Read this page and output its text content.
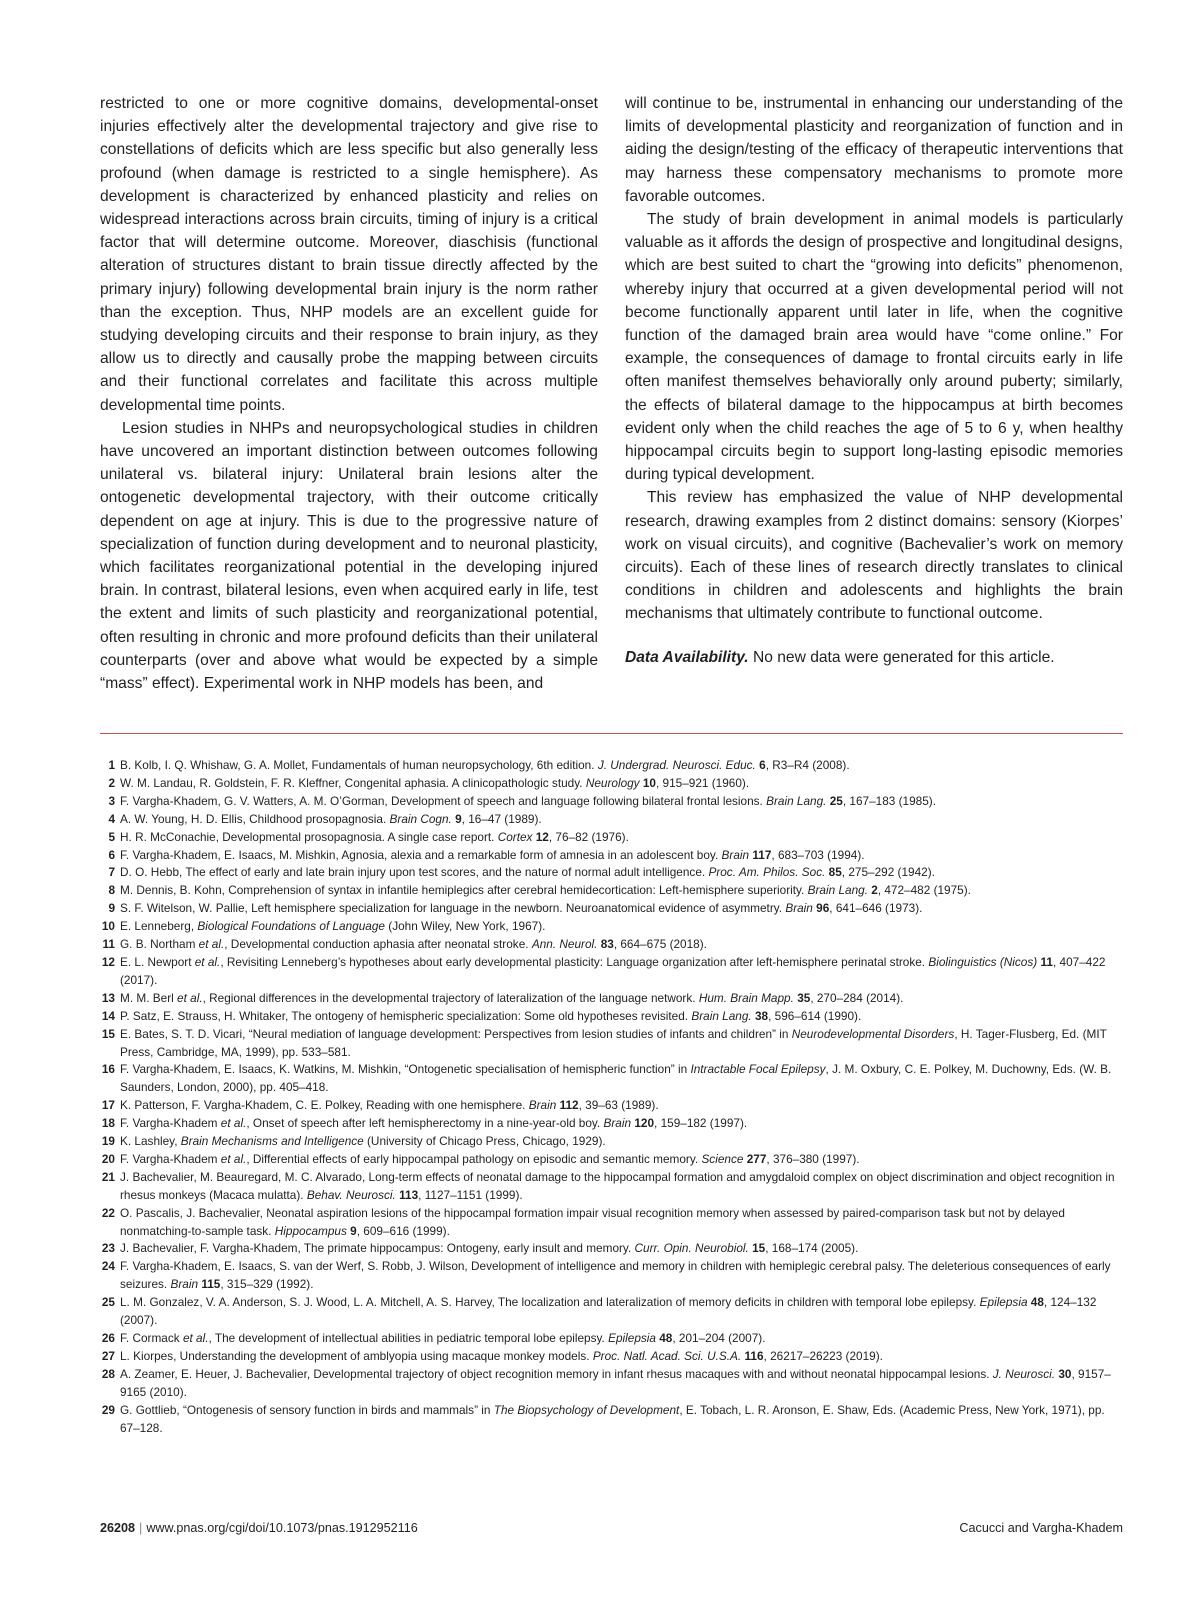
restricted to one or more cognitive domains, developmental-onset injuries effectively alter the developmental trajectory and give rise to constellations of deficits which are less specific but also generally less profound (when damage is restricted to a single hemisphere). As development is characterized by enhanced plasticity and relies on widespread interactions across brain circuits, timing of injury is a critical factor that will determine outcome. Moreover, diaschisis (functional alteration of structures distant to brain tissue directly affected by the primary injury) following developmental brain injury is the norm rather than the exception. Thus, NHP models are an excellent guide for studying developing circuits and their response to brain injury, as they allow us to directly and causally probe the mapping between circuits and their functional correlates and facilitate this across multiple developmental time points.

Lesion studies in NHPs and neuropsychological studies in children have uncovered an important distinction between outcomes following unilateral vs. bilateral injury: Unilateral brain lesions alter the ontogenetic developmental trajectory, with their outcome critically dependent on age at injury. This is due to the progressive nature of specialization of function during development and to neuronal plasticity, which facilitates reorganizational potential in the developing injured brain. In contrast, bilateral lesions, even when acquired early in life, test the extent and limits of such plasticity and reorganizational potential, often resulting in chronic and more profound deficits than their unilateral counterparts (over and above what would be expected by a simple “mass” effect). Experimental work in NHP models has been, and

will continue to be, instrumental in enhancing our understanding of the limits of developmental plasticity and reorganization of function and in aiding the design/testing of the efficacy of therapeutic interventions that may harness these compensatory mechanisms to promote more favorable outcomes.

The study of brain development in animal models is particularly valuable as it affords the design of prospective and longitudinal designs, which are best suited to chart the “growing into deficits” phenomenon, whereby injury that occurred at a given developmental period will not become functionally apparent until later in life, when the cognitive function of the damaged brain area would have “come online.” For example, the consequences of damage to frontal circuits early in life often manifest themselves behaviorally only around puberty; similarly, the effects of bilateral damage to the hippocampus at birth becomes evident only when the child reaches the age of 5 to 6 y, when healthy hippocampal circuits begin to support long-lasting episodic memories during typical development.

This review has emphasized the value of NHP developmental research, drawing examples from 2 distinct domains: sensory (Kiorpes’ work on visual circuits), and cognitive (Bachevalier’s work on memory circuits). Each of these lines of research directly translates to clinical conditions in children and adolescents and highlights the brain mechanisms that ultimately contribute to functional outcome.

Data Availability. No new data were generated for this article.

1 B. Kolb, I. Q. Whishaw, G. A. Mollet, Fundamentals of human neuropsychology, 6th edition. J. Undergrad. Neurosci. Educ. 6, R3–R4 (2008).
2 W. M. Landau, R. Goldstein, F. R. Kleffner, Congenital aphasia. A clinicopathologic study. Neurology 10, 915–921 (1960).
3 F. Vargha-Khadem, G. V. Watters, A. M. O’Gorman, Development of speech and language following bilateral frontal lesions. Brain Lang. 25, 167–183 (1985).
4 A. W. Young, H. D. Ellis, Childhood prosopagnosia. Brain Cogn. 9, 16–47 (1989).
5 H. R. McConachie, Developmental prosopagnosia. A single case report. Cortex 12, 76–82 (1976).
6 F. Vargha-Khadem, E. Isaacs, M. Mishkin, Agnosia, alexia and a remarkable form of amnesia in an adolescent boy. Brain 117, 683–703 (1994).
7 D. O. Hebb, The effect of early and late brain injury upon test scores, and the nature of normal adult intelligence. Proc. Am. Philos. Soc. 85, 275–292 (1942).
8 M. Dennis, B. Kohn, Comprehension of syntax in infantile hemiplegics after cerebral hemidecortication: Left-hemisphere superiority. Brain Lang. 2, 472–482 (1975).
9 S. F. Witelson, W. Pallie, Left hemisphere specialization for language in the newborn. Neuroanatomical evidence of asymmetry. Brain 96, 641–646 (1973).
10 E. Lenneberg, Biological Foundations of Language (John Wiley, New York, 1967).
11 G. B. Northam et al., Developmental conduction aphasia after neonatal stroke. Ann. Neurol. 83, 664–675 (2018).
12 E. L. Newport et al., Revisiting Lenneberg’s hypotheses about early developmental plasticity: Language organization after left-hemisphere perinatal stroke. Biolinguistics (Nicos) 11, 407–422 (2017).
13 M. M. Berl et al., Regional differences in the developmental trajectory of lateralization of the language network. Hum. Brain Mapp. 35, 270–284 (2014).
14 P. Satz, E. Strauss, H. Whitaker, The ontogeny of hemispheric specialization: Some old hypotheses revisited. Brain Lang. 38, 596–614 (1990).
15 E. Bates, S. T. D. Vicari, “Neural mediation of language development: Perspectives from lesion studies of infants and children” in Neurodevelopmental Disorders, H. Tager-Flusberg, Ed. (MIT Press, Cambridge, MA, 1999), pp. 533–581.
16 F. Vargha-Khadem, E. Isaacs, K. Watkins, M. Mishkin, “Ontogenetic specialisation of hemispheric function” in Intractable Focal Epilepsy, J. M. Oxbury, C. E. Polkey, M. Duchowny, Eds. (W. B. Saunders, London, 2000), pp. 405–418.
17 K. Patterson, F. Vargha-Khadem, C. E. Polkey, Reading with one hemisphere. Brain 112, 39–63 (1989).
18 F. Vargha-Khadem et al., Onset of speech after left hemispherectomy in a nine-year-old boy. Brain 120, 159–182 (1997).
19 K. Lashley, Brain Mechanisms and Intelligence (University of Chicago Press, Chicago, 1929).
20 F. Vargha-Khadem et al., Differential effects of early hippocampal pathology on episodic and semantic memory. Science 277, 376–380 (1997).
21 J. Bachevalier, M. Beauregard, M. C. Alvarado, Long-term effects of neonatal damage to the hippocampal formation and amygdaloid complex on object discrimination and object recognition in rhesus monkeys (Macaca mulatta). Behav. Neurosci. 113, 1127–1151 (1999).
22 O. Pascalis, J. Bachevalier, Neonatal aspiration lesions of the hippocampal formation impair visual recognition memory when assessed by paired-comparison task but not by delayed nonmatching-to-sample task. Hippocampus 9, 609–616 (1999).
23 J. Bachevalier, F. Vargha-Khadem, The primate hippocampus: Ontogeny, early insult and memory. Curr. Opin. Neurobiol. 15, 168–174 (2005).
24 F. Vargha-Khadem, E. Isaacs, S. van der Werf, S. Robb, J. Wilson, Development of intelligence and memory in children with hemiplegic cerebral palsy. The deleterious consequences of early seizures. Brain 115, 315–329 (1992).
25 L. M. Gonzalez, V. A. Anderson, S. J. Wood, L. A. Mitchell, A. S. Harvey, The localization and lateralization of memory deficits in children with temporal lobe epilepsy. Epilepsia 48, 124–132 (2007).
26 F. Cormack et al., The development of intellectual abilities in pediatric temporal lobe epilepsy. Epilepsia 48, 201–204 (2007).
27 L. Kiorpes, Understanding the development of amblyopia using macaque monkey models. Proc. Natl. Acad. Sci. U.S.A. 116, 26217–26223 (2019).
28 A. Zeamer, E. Heuer, J. Bachevalier, Developmental trajectory of object recognition memory in infant rhesus macaques with and without neonatal hippocampal lesions. J. Neurosci. 30, 9157–9165 (2010).
29 G. Gottlieb, “Ontogenesis of sensory function in birds and mammals” in The Biopsychology of Development, E. Tobach, L. R. Aronson, E. Shaw, Eds. (Academic Press, New York, 1971), pp. 67–128.
26208 | www.pnas.org/cgi/doi/10.1073/pnas.1912952116	Cacucci and Vargha-Khadem
